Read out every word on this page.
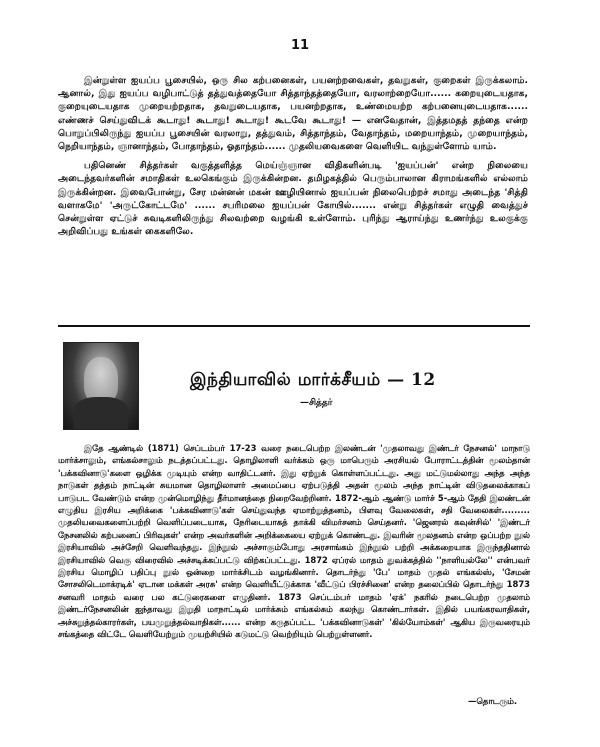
11

இன்றுள்ள ஐயப்ப பூசையில், ஒரு சில கற்பனைகள், பயனற்றவைகள், தவறுகள், குறைகள் இருக்கலாம். ஆனால், இது ஐயப்ப வழிபாட்டுத் தத்துவத்தையோ சித்தாந்தத்தையோ, வரலாற்றையோ...... கறையுடையதாக, குறையுடையதாக முறையற்றதாக, தவறுடையதாக, பயனற்றதாக, உண்மையற்ற கற்பனையுடையதாக...... எண்ணச் செய்துவிடக் கூடாது! கூடாது! கூடாது! கூடவே கூடாது! — எனவேதான், இத்தமதத் தந்தை என்ற பொறுப்பிலிருந்து ஐயப்ப பூசையின் வரலாறு, தத்துவம், சித்தாந்தம், வேதாந்தம், மறையாந்தம், முறையாந்தம், நெறியாந்தம், ஞானாந்தம், போதாந்தம், ஓதாந்தம்...... முதலியவைகளை வெளியிட வந்துள்ளோம் யாம்.

பதினெண் சித்தர்கள் வகுத்தளித்த மெய்ஞ்ஞான விதிகளின்படி 'ஐயப்பன்' என்ற நிலையை அடைந்தவர்களின் சமாதிகள் உலகெங்கும் இருக்கின்றன. தமிழகத்தில் பெரும்பாலான கிராமங்களில் எல்லாம் இருக்கின்றன. இவைபோன்று, சேர மன்னன் மகன் ஊழியினால் ஐயப்பன் நிலைபெற்றச் சமாது அடைந்த 'சித்தி வளாகமே' 'அருட்கோட்டமே' ...... சபரிமலை ஐயப்பன் கோயில்....... என்று சித்தர்கள் எழுதி வைத்துச் சென்றுள்ள ஏட்டுச் சுவடிகளிலிருந்து சிலவற்றை வழங்கி உள்ளோம். புரிந்து ஆராய்ந்து உணர்ந்து உலகுக்கு அறிவிப்பது உங்கள் கைகளிலே.

இந்தியாவில் மார்க்சீயம் — 12
—சித்தர்

இதே ஆண்டில் (1871) செப்டம்பர் 17-23 வரை நடைபெற்ற இலண்டன் 'முதலாவது இண்டர் நேசனல்' மாநாடு மார்க்சாலும், எங்கல்சாலும் நடத்தப்பட்டது. தொழிலாளி வர்க்கம் ஒரு மாபெரும் அரசியல் போராட்டத்தின் மூலம்தான் 'பக்கவினாடு'களை ஒழிக்க முடியும் என்ற வாதிட்டனர். இது ஏற்றுக் கொள்ளப்பட்டது. அது மட்டுமல்லாது அந்த அந்த நாடுகள் தத்தம் நாட்டின் சுயமான தொழிலாளர் அமைப்பை ஏற்படுத்தி அதன் மூலம் அந்த நாட்டின் விடுதலைக்காகப் பாடுபட வேண்டும் என்ற முன்மொழிந்து தீர்மானத்தை நிறைவேற்றினர். 1872-ஆம் ஆண்டு மார்ச் 5-ஆம் தேதி இலண்டன் எழுதிய இரசிய அறிக்கை 'பக்கவினாடு'கள் செய்துவந்த ஏமாற்றுத்தனம், பிளவு வேலைகள், சதி வேலைகள்......... முதலியவைகளைப்பற்றி வெளிப்படையாக, நேரிடையாகத் தாக்கி விமர்சனம் செய்தனர். 'ஜெனரல் கவுன்சில்' 'இண்டர் நேசனலில் கற்பனைப் பிரிவுகள்' என்ற அவர்களின் அறிக்கையை ஏற்றுக் கொண்டது. இவரின் மூலதனம் என்ற ஒப்பற்ற நூல் இரசியாவில் அச்சேறி வெளிவந்தது. இந்நூல் அச்சாகும்போது அரசாங்கம் இந்நூல் பற்றி அக்கறையாக இருந்ததினால் இரசியாவில் வெகு விரைவில் அச்சடிக்கப்பட்டு விற்கப்பட்டது. 1872 ஏப்ரல் மாதம் துவக்கத்தில் ''நாளியல்லே'' என்பவர் இரசிய மொழிப் பதிப்பு நூல் ஒன்றை மார்க்சிடம் வழங்கினார். தொடர்ந்து 'பே' மாதம் முதல் எங்கல்ஸ், 'சேமன் சோசலிடெமாக்ரடிக்' ஏடான மக்கள் அரசு' என்ற வெளியீட்டுக்காக 'வீட்டுப் பிரச்சினை' என்ற தலைப்பில் தொடர்ந்து 1873 சனவரி மாதம் வரை பல கட்டுரைகளை எழுதினர். 1873 செப்டம்பர் மாதம் 'ஏக்' நகரில் நடைபெற்ற முதலாம் இண்டர்நேசனலின் ஐந்தாவது இறுதி மாநாட்டில் மார்க்சும் எங்கல்சும் கலந்து கொண்டார்கள். இதில் பயங்கரவாதிகள், அச்சுறுத்தல்காரர்கள், பயமுறுத்தல்வாதிகள்...... என்ற கருதப்பட்ட 'பக்கவினாடுகள்' 'கில்யோம்கள்' ஆகிய இருவரையும் சங்கத்தை விட்டே வெளியேற்றும் முயற்சியில் கடுமட்டு வெற்றியும் பெற்றுள்ளனர்.

—தொடரும்.
